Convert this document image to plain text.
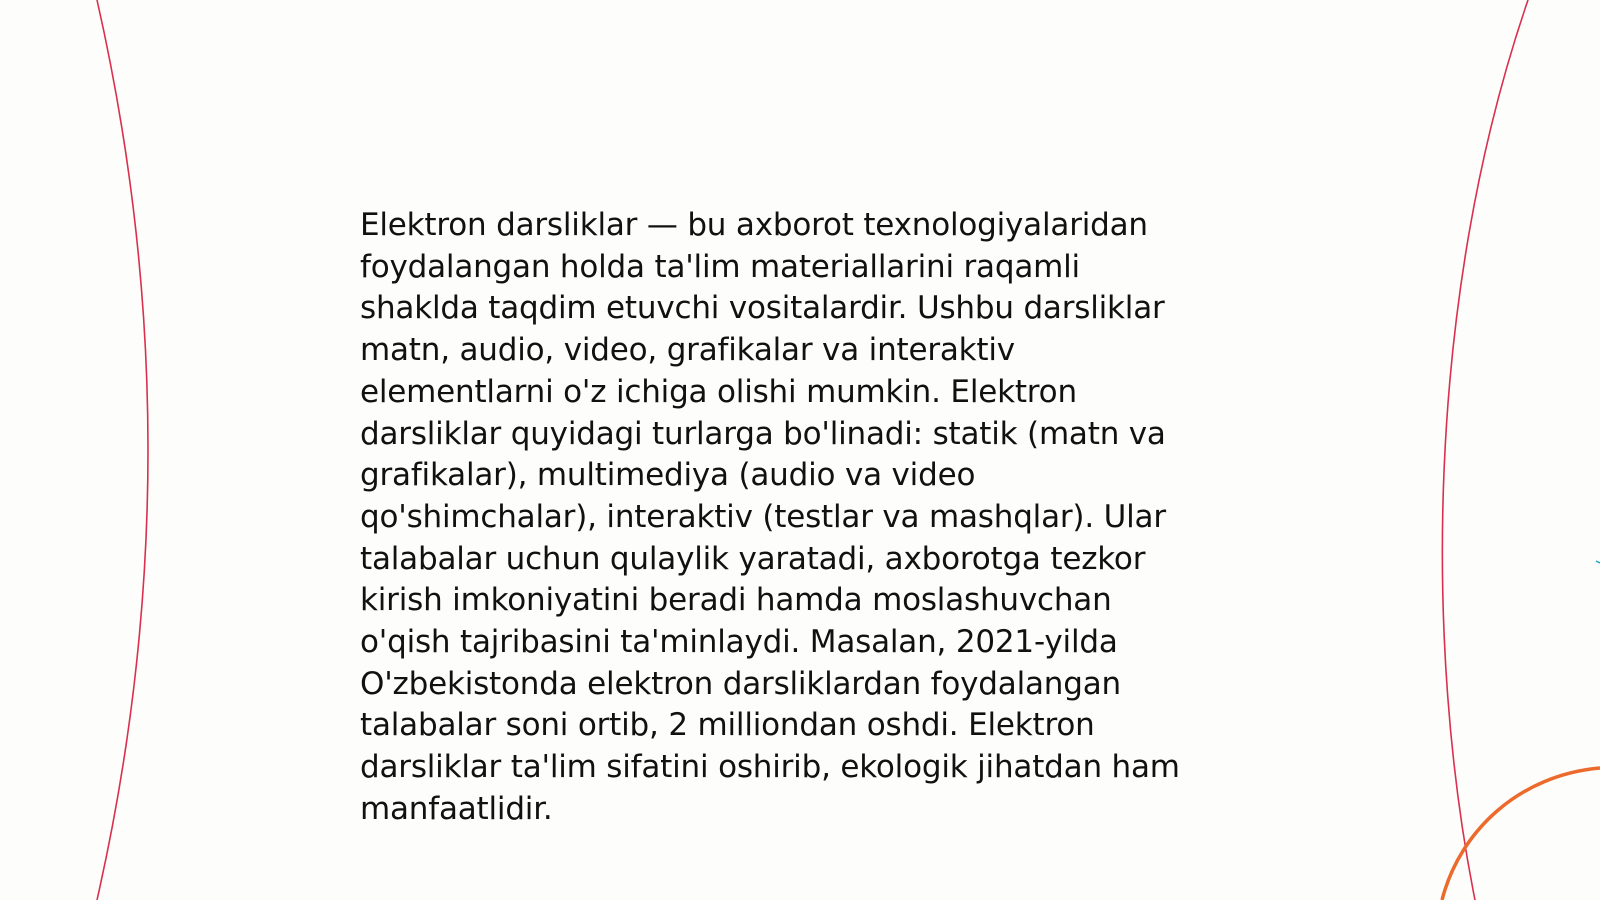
Elektron darsliklar — bu axborot texnologiyalaridan
foydalangan holda ta'lim materiallarini raqamli
shaklda taqdim etuvchi vositalardir. Ushbu darsliklar
matn, audio, video, grafikalar va interaktiv
elementlarni o'z ichiga olishi mumkin. Elektron
darsliklar quyidagi turlarga bo'linadi: statik (matn va
grafikalar), multimediya (audio va video
qo'shimchalar), interaktiv (testlar va mashqlar). Ular
talabalar uchun qulaylik yaratadi, axborotga tezkor
kirish imkoniyatini beradi hamda moslashuvchan
o'qish tajribasini ta'minlaydi. Masalan, 2021-yilda
O'zbekistonda elektron darsliklardan foydalangan
talabalar soni ortib, 2 milliondan oshdi. Elektron
darsliklar ta'lim sifatini oshirib, ekologik jihatdan ham
manfaatlidir.
